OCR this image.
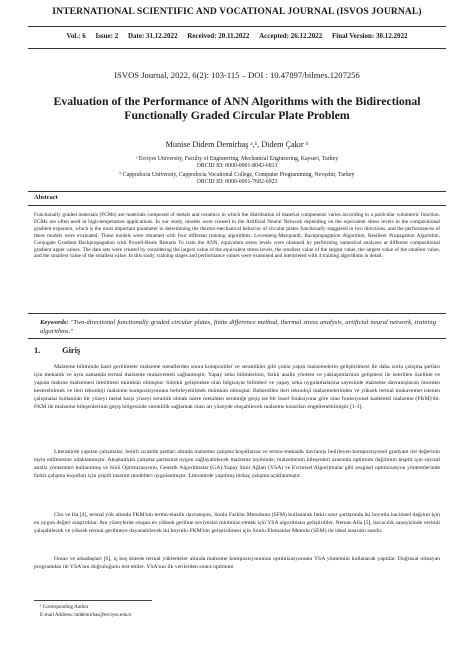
INTERNATIONAL SCIENTIFIC AND VOCATIONAL JOURNAL (ISVOS JOURNAL)
Vol.: 6 Issue: 2 Date: 31.12.2022 Received: 20.11.2022 Accepted: 26.12.2022 Final Version: 30.12.2022
ISVOS Journal, 2022, 6(2): 103-115 – DOI : 10.47897/bilmes.1207256
Evaluation of the Performance of ANN Algorithms with the Bidirectional
Functionally Graded Circular Plate Problem
Munise Didem Demirbaş ᵃ,¹, Didem Çakır ᵇ
ᵃ Erciyes University, Faculty of Engineering, Mechanical Engineering, Kayseri, Turkey
ORCID ID: 0000-0001-8043-6813
ᵇ Cappodocia University, Cappodocia Vocational College, Computer Programming, Nevşehir, Turkey
ORCID ID: 0000-0001-7682-6923
Abstract
Functionally graded materials (FGMs) are materials composed of metals and ceramics in which the distribution of material components varies according to a particular volumetric function. FGMs are often used in high-temperature applications. In our study, models were created in the Artificial Neural Network depending on the equivalent stress levels in the compositional gradient exponent, which is the most important parameter in determining the thermo-mechanical behavior of circular plates functionally staggered in two directions, and the performances of these models were evaluated. These models were obtained with four different training algorithms: Levenberg-Marquardt, Backpropagation Algorithm, Resilient Propagation Algorithm, Conjugate Gradient Backpropagation with Powell-Beale Restarts To train the ANN, equivalent stress levels were obtained by performing numerical analyzes at different compositional gradient upper values. The data sets were created by considering the largest value of the equivalent stress levels, the smallest value of the largest value, the largest value of the smallest value, and the smallest value of the smallest value. In this study, training stages and performance values were examined and interpreted with 4 training algorithms in detail.
Keywords: "Two-directional functionally graded circular plates, finite difference method, thermal stress analysis, artificial neural network, training algorithms."
1.	Giriş
Malzeme biliminde basit geriilmeler malzeme metallerden sonra kompozitler ve seramikler gibi çoklu yapılı malzemelerin geliştirilmesi ile daha zorlu çalışma şartları için mekanik ve aynı zamanda termal malzeme mukavemeti sağlanmıştır. Yapay zeka bilimlerinin, farklı analiz yöntem ve yaklaşımlarının gelişmesi ile isteriilen özelikte ve yapıda makine malzemesi üretilmesi mümkün olmuştur. Süreklı gelişmekte olan bilgisayar bilimleri ve yapay zeka uygulamalarına sayesinde malzeme davranışlarını önceden kestirebilmek ve ileri teknoloji malzeme kompozisyonunu belirleyebilmek mümkün olmuştur. Bahsedilen ileri teknoloji malzemelerinden ve yüksek termal mukavemet istenen çalışmalar kullanılan bir yüzeyi metal karşı yüzeyi seramik olmak üzere metalden seramiğe geçiş ise bir üssel fonksiyona göre olan fonksiyonel kademeli malzeme (FKM)'dir. FKM ile malzeme bileşenlerinin geçiş bölgesinde süreklilik sağlamak olası arı yüzeyde oluşabilecek malzeme kusurları engellenebilmiştir [1-3].
Literatürde yapılan çalışmalar, belirli sıcaklık şartları altında malzeme çalışma koşullarına ve termo-mekanik davranışı belirleyen kompozisyonel gradyant üst değerinin tayin edilmesine odaklanmıştır. Akışkanlıklı çalışma şartlarına uygun sağlayabilecek malzeme tayininde, malzemenin bileşenleri arasında optimum dağılımın tespiti için sayısal analiz yöntemleri kullanılmış ve Sürü Optimizasyonu, Genetik Algoritmalar (GA),Yapay Sinir Ağları (YSA) ve Evrimsel Algoritmalar gibi sezgisel optimizasyon yöntemlerinde farklı çalışma koşulları için çeşitli tasarım modelleri uygulanmıştır. Literatürde yapılmış birkaç çalışma açıklanmıştır.
Cho ve Ha [4], termal yük altında FKM'nin termo-elastik davranışını, Sonlu Farklar Metodunu (SFM) kullanarak farklı sınır şartlarında iki boyutlu hacimsel dağılım için en uygun değeri araştırdılar. Anı yüzeylerde oluşan en yüksek gerilme seviyesini minimize etmek için YSA algoritması geliştirdiler. Nemat-Alla [5], havacılık sanayisinde verimli çalışabilecek ve yüksek termal gerilmeye dayanabilecek iki boyutlu FKM'nin geliştirilmesi için Sonlu Elemanlar Metodu (SEM) ile ideal tasarımı sundu.
Ootao ve arkadaşları [6], iç boş kütede termal yüklemeler altında malzeme kompozisyonunun optimizasyonunu YSA yöntemini kullanarak yaptılar. Doğrusal olmayan programdan ile YSA'nın doğruluğunu test ettiler. YSA'nın ilk verilerden sonra optimum
¹ Corresponding Author
E-mail Address: mddemirbas@erciyes.edu.tr
